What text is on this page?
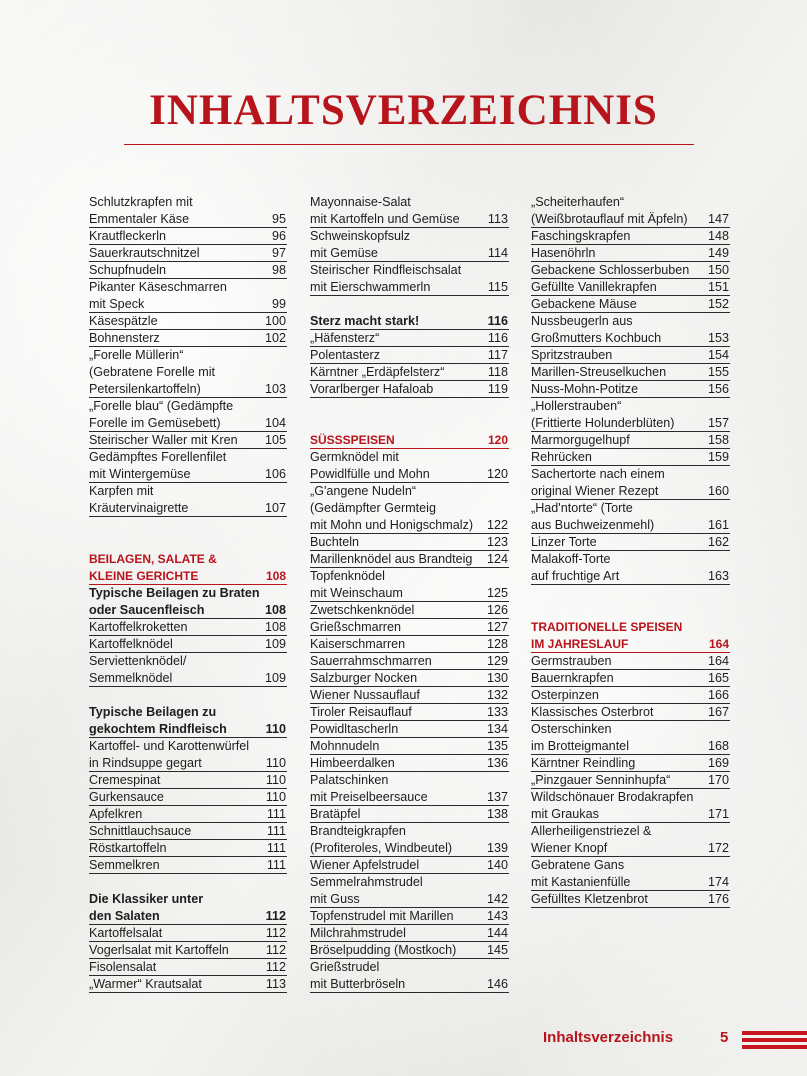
INHALTSVERZEICHNIS
Schlutzkrapfen mit
Emmentaler Käse	95
Krautfleckerln	96
Sauerkrautschnitzel	97
Schupfnudeln	98
Pikanter Käseschmarren
mit Speck	99
Käsespätzle	100
Bohnensterz	102
„Forelle Müllerin“
(Gebratene Forelle mit
Petersilenkartoffeln)	103
„Forelle blau“ (Gedämpfte
Forelle im Gemüsebett)	104
Steirischer Waller mit Kren	105
Gedämpftes Forellenfilet
mit Wintergemüse	106
Karpfen mit
Kräutervinaigrette	107
BEILAGEN, SALATE &
KLEINE GERICHTE	108
Typische Beilagen zu Braten
oder Saucenfleisch	108
Kartoffelkroketten	108
Kartoffelknödel	109
Serviettenknödel/
Semmelknödel	109
Typische Beilagen zu
gekochtem Rindfleisch	110
Kartoffel- und Karottenwürfel
in Rindsuppe gegart	110
Cremespinat	110
Gurkensauce	110
Apfelkren	111
Schnittlauchsauce	111
Röstkartoffeln	111
Semmelkren	111
Die Klassiker unter
den Salaten	112
Kartoffelsalat	112
Vogerlsalat mit Kartoffeln	112
Fisolensalat	112
„Warmer“ Krautsalat	113
Mayonnaise-Salat
mit Kartoffeln und Gemüse	113
Schweinskopfsulz
mit Gemüse	114
Steirischer Rindfleischsalat
mit Eierschwammerln	115
Sterz macht stark!	116
„Häfensterz“	116
Polentasterz	117
Kärntner „Erdäpfelsterz“	118
Vorarlberger Hafaloab	119
SÜSSSPEISEN	120
Germknödel mit
Powidlfülle und Mohn	120
„G'angene Nudeln“
(Gedämpfter Germteig
mit Mohn und Honigschmalz)	122
Buchteln	123
Marillenknödel aus Brandteig	124
Topfenknödel
mit Weinschaum	125
Zwetschkenknödel	126
Grießschmarren	127
Kaiserschmarren	128
Sauerrahmschmarren	129
Salzburger Nocken	130
Wiener Nussauflauf	132
Tiroler Reisauflauf	133
Powidltascherln	134
Mohnnudeln	135
Himbeerdalken	136
Palatschinken
mit Preiselbeersauce	137
Bratäpfel	138
Brandteigkrapfen
(Profiteroles, Windbeutel)	139
Wiener Apfelstrudel	140
Semmelrahmstrudel
mit Guss	142
Topfenstrudel mit Marillen	143
Milchrahmstrudel	144
Bröselpudding (Mostkoch)	145
Grießstrudel
mit Butterbröseln	146
„Scheiterhaufen“
(Weißbrotauflauf mit Äpfeln)	147
Faschingskrapfen	148
Hasenöhrln	149
Gebackene Schlosserbuben	150
Gefüllte Vanillekrapfen	151
Gebackene Mäuse	152
Nussbeugerln aus
Großmutters Kochbuch	153
Spritzstrauben	154
Marillen-Streuselkuchen	155
Nuss-Mohn-Potitze	156
„Hollerstrauben“
(Frittierte Holunderblüten)	157
Marmorgugelhupf	158
Rehrücken	159
Sachertorte nach einem
original Wiener Rezept	160
„Had'ntorte“ (Torte
aus Buchweizenmehl)	161
Linzer Torte	162
Malakoff-Torte
auf fruchtige Art	163
TRADITIONELLE SPEISEN
IM JAHRESLAUF	164
Germstrauben	164
Bauernkrapfen	165
Osterpinzen	166
Klassisches Osterbrot	167
Osterschinken
im Brotteigmantel	168
Kärntner Reindling	169
„Pinzgauer Senninhupfa“	170
Wildschönauer Brodakrapfen
mit Graukas	171
Allerheiligenstriezel &
Wiener Knopf	172
Gebratene Gans
mit Kastanienfülle	174
Gefülltes Kletzenbrot	176
Inhaltsverzeichnis	5
